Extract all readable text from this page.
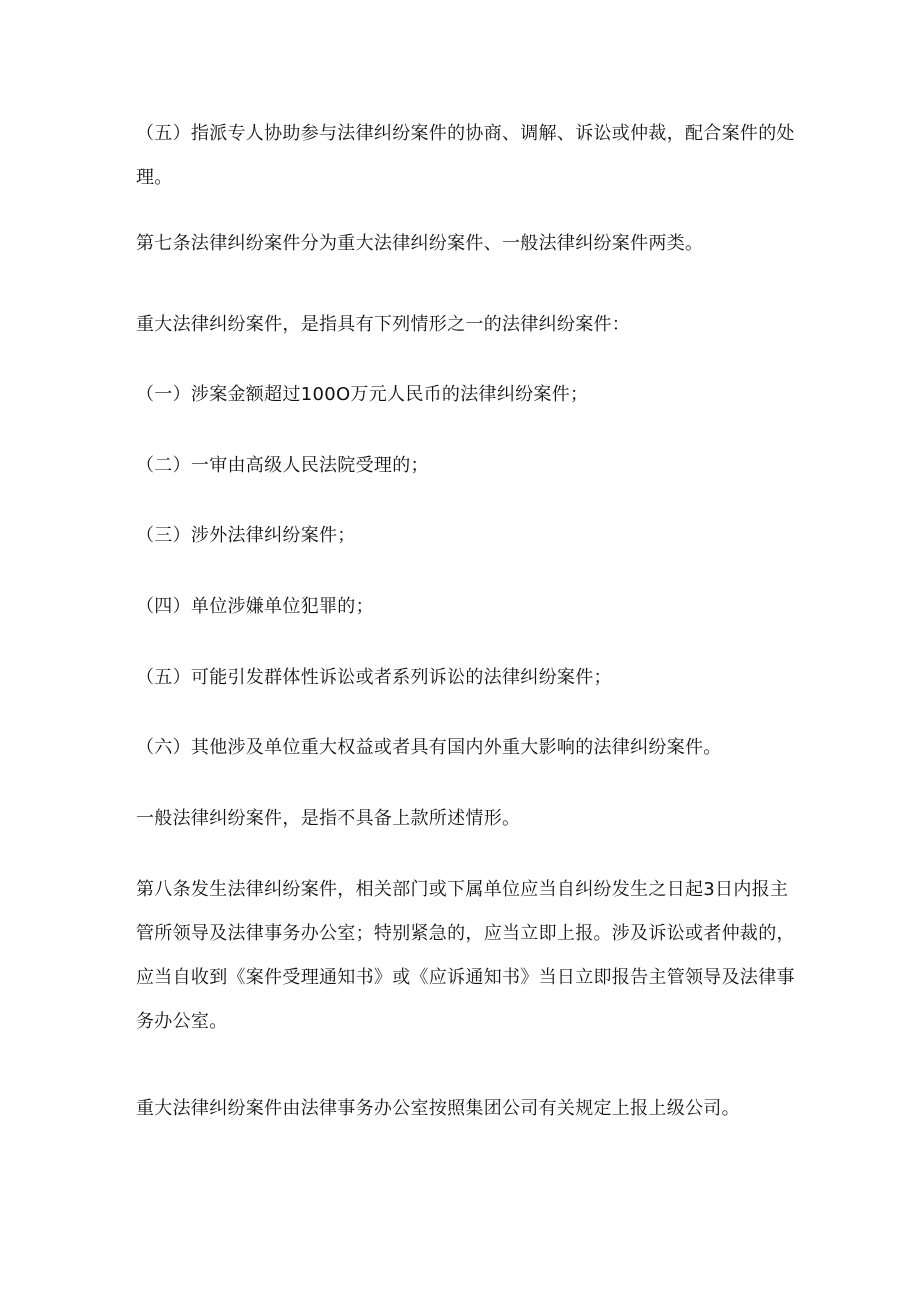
（五）指派专人协助参与法律纠纷案件的协商、调解、诉讼或仲裁，配合案件的处理。

第七条法律纠纷案件分为重大法律纠纷案件、一般法律纠纷案件两类。

重大法律纠纷案件，是指具有下列情形之一的法律纠纷案件：

（一）涉案金额超过100O万元人民币的法律纠纷案件；

（二）一审由高级人民法院受理的；

（三）涉外法律纠纷案件；

（四）单位涉嫌单位犯罪的；

（五）可能引发群体性诉讼或者系列诉讼的法律纠纷案件；

（六）其他涉及单位重大权益或者具有国内外重大影响的法律纠纷案件。

一般法律纠纷案件，是指不具备上款所述情形。

第八条发生法律纠纷案件，相关部门或下属单位应当自纠纷发生之日起3日内报主管所领导及法律事务办公室；特别紧急的，应当立即上报。涉及诉讼或者仲裁的，应当自收到《案件受理通知书》或《应诉通知书》当日立即报告主管领导及法律事务办公室。

重大法律纠纷案件由法律事务办公室按照集团公司有关规定上报上级公司。
